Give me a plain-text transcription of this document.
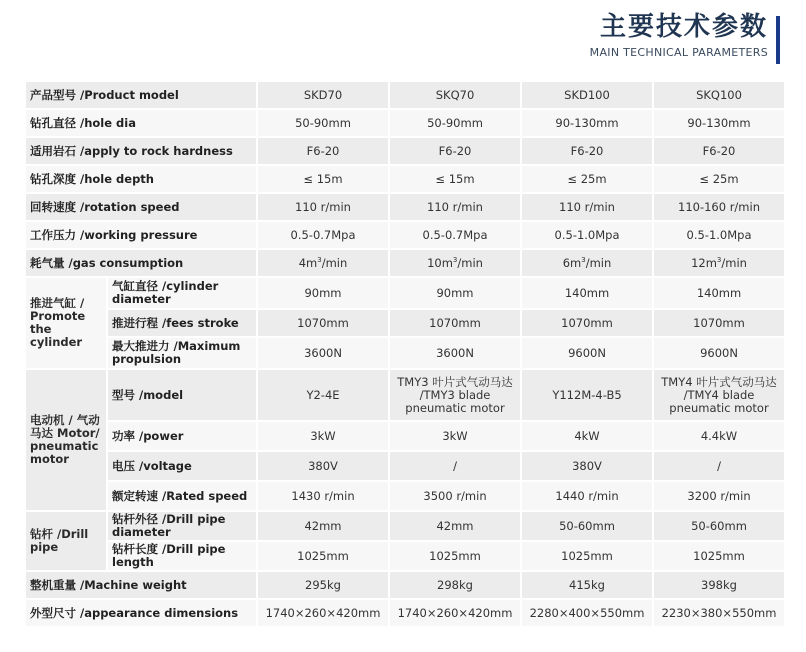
主要技术参数
MAIN TECHNICAL PARAMETERS
产品型号 /Product model		SKD70	SKQ70	SKD100	SKQ100
钻孔直径 /hole dia		50-90mm	50-90mm	90-130mm	90-130mm
适用岩石 /apply to rock hardness		F6-20	F6-20	F6-20	F6-20
钻孔深度 /hole depth		≤ 15m	≤ 15m	≤ 25m	≤ 25m
回转速度 /rotation speed		110 r/min	110 r/min	110 r/min	110-160 r/min
工作压力 /working pressure		0.5-0.7Mpa	0.5-0.7Mpa	0.5-1.0Mpa	0.5-1.0Mpa
耗气量 /gas consumption		$4m^3/\min$	$10m^3/\min$	$6m^3/\min$	$12m^3/\min$
推进气缸 / Promote the cylinder	气缸直径 /cylinder diameter	90mm	90mm	140mm	140mm
	推进行程 /fees stroke	1070mm	1070mm	1070mm	1070mm
	最大推进力 /Maximum propulsion	3600N	3600N	9600N	9600N
电动机 / 气动马达 Motor/ pneumatic motor	型号 /model	Y2-4E	TMY3 叶片式气动马达 /TMY3 blade pneumatic motor	Y112M-4-B5	TMY4 叶片式气动马达 /TMY4 blade pneumatic motor
	功率 /power	3kW	3kW	4kW	4.4kW
	电压 /voltage	380V	/	380V	/
	额定转速 /Rated speed	1430 r/min	3500 r/min	1440 r/min	3200 r/min
钻杆 /Drill pipe	钻杆外径 /Drill pipe diameter	42mm	42mm	50-60mm	50-60mm
	钻杆长度 /Drill pipe length	1025mm	1025mm	1025mm	1025mm
整机重量 /Machine weight		295kg	298kg	415kg	398kg
外型尺寸 /appearance dimensions		1740×260×420mm	1740×260×420mm	2280×400×550mm	2230×380×550mm
